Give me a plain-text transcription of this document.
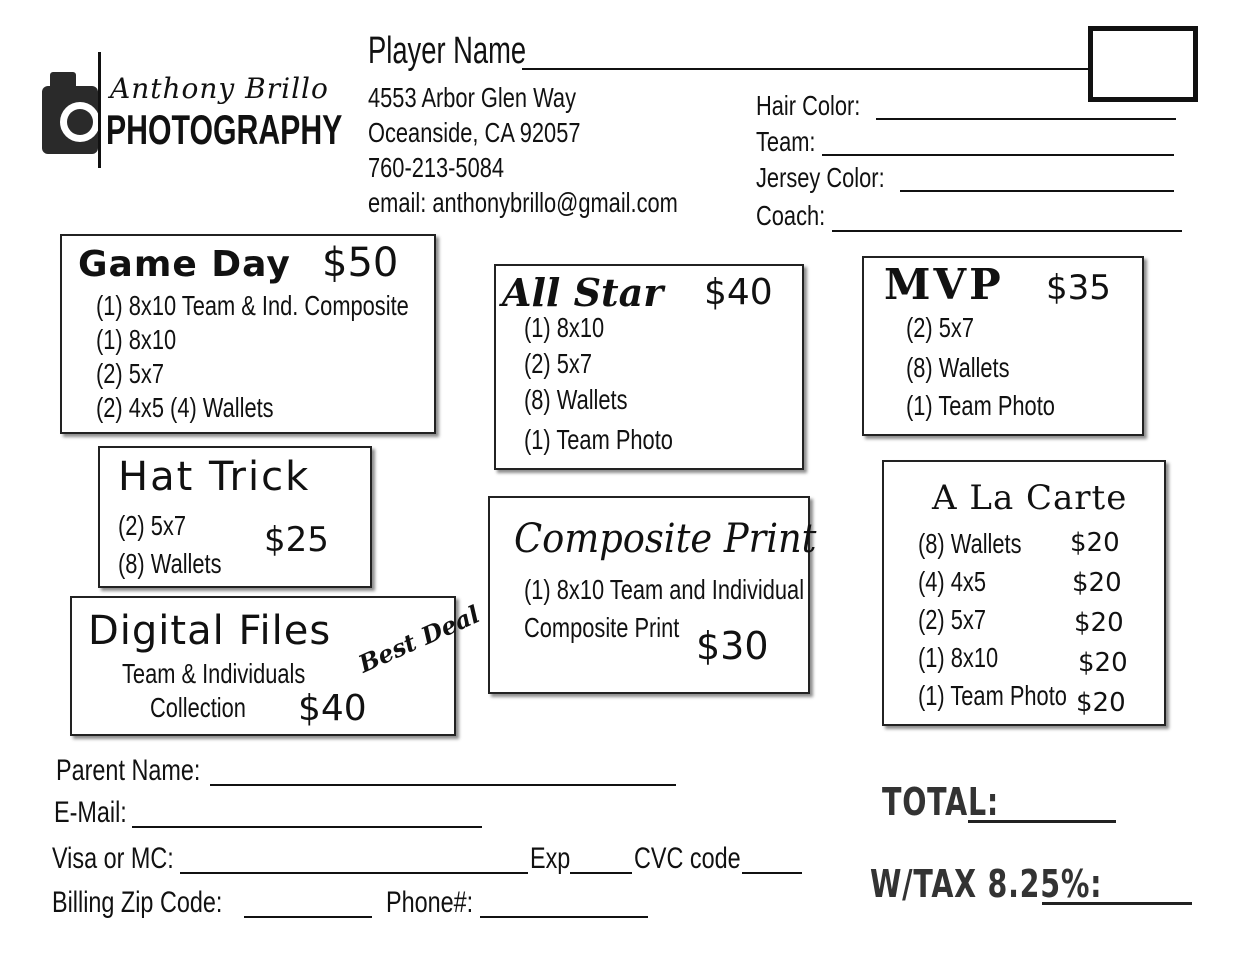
Anthony Brillo
PHOTOGRAPHY
Player Name
4553 Arbor Glen Way
Oceanside, CA 92057
760-213-5084
email: anthonybrillo@gmail.com
Hair Color:
Team:
Jersey Color:
Coach:
Game Day $50
(1) 8x10 Team & Ind. Composite
(1) 8x10
(2) 5x7
(2) 4x5 (4) Wallets
All Star $40
(1) 8x10
(2) 5x7
(8) Wallets
(1) Team Photo
MVP $35
(2) 5x7
(8) Wallets
(1) Team Photo
Hat Trick
(2) 5x7
(8) Wallets
$25	Composite Print
(1) 8x10 Team and Individual
Composite Print $30
Digital Files Best Deal
Team & Individuals
Collection $40
A La Carte
(8) Wallets $20
(4) 4x5	$20
(2) 5x7	$20
(1) 8x10	$20
(1) Team Photo $20
Parent Name:
E-Mail:
Visa or MC:	Exp CVC code
Billing Zip Code:	Phone#:
TOTAL:
W/TAX 8.25%:
